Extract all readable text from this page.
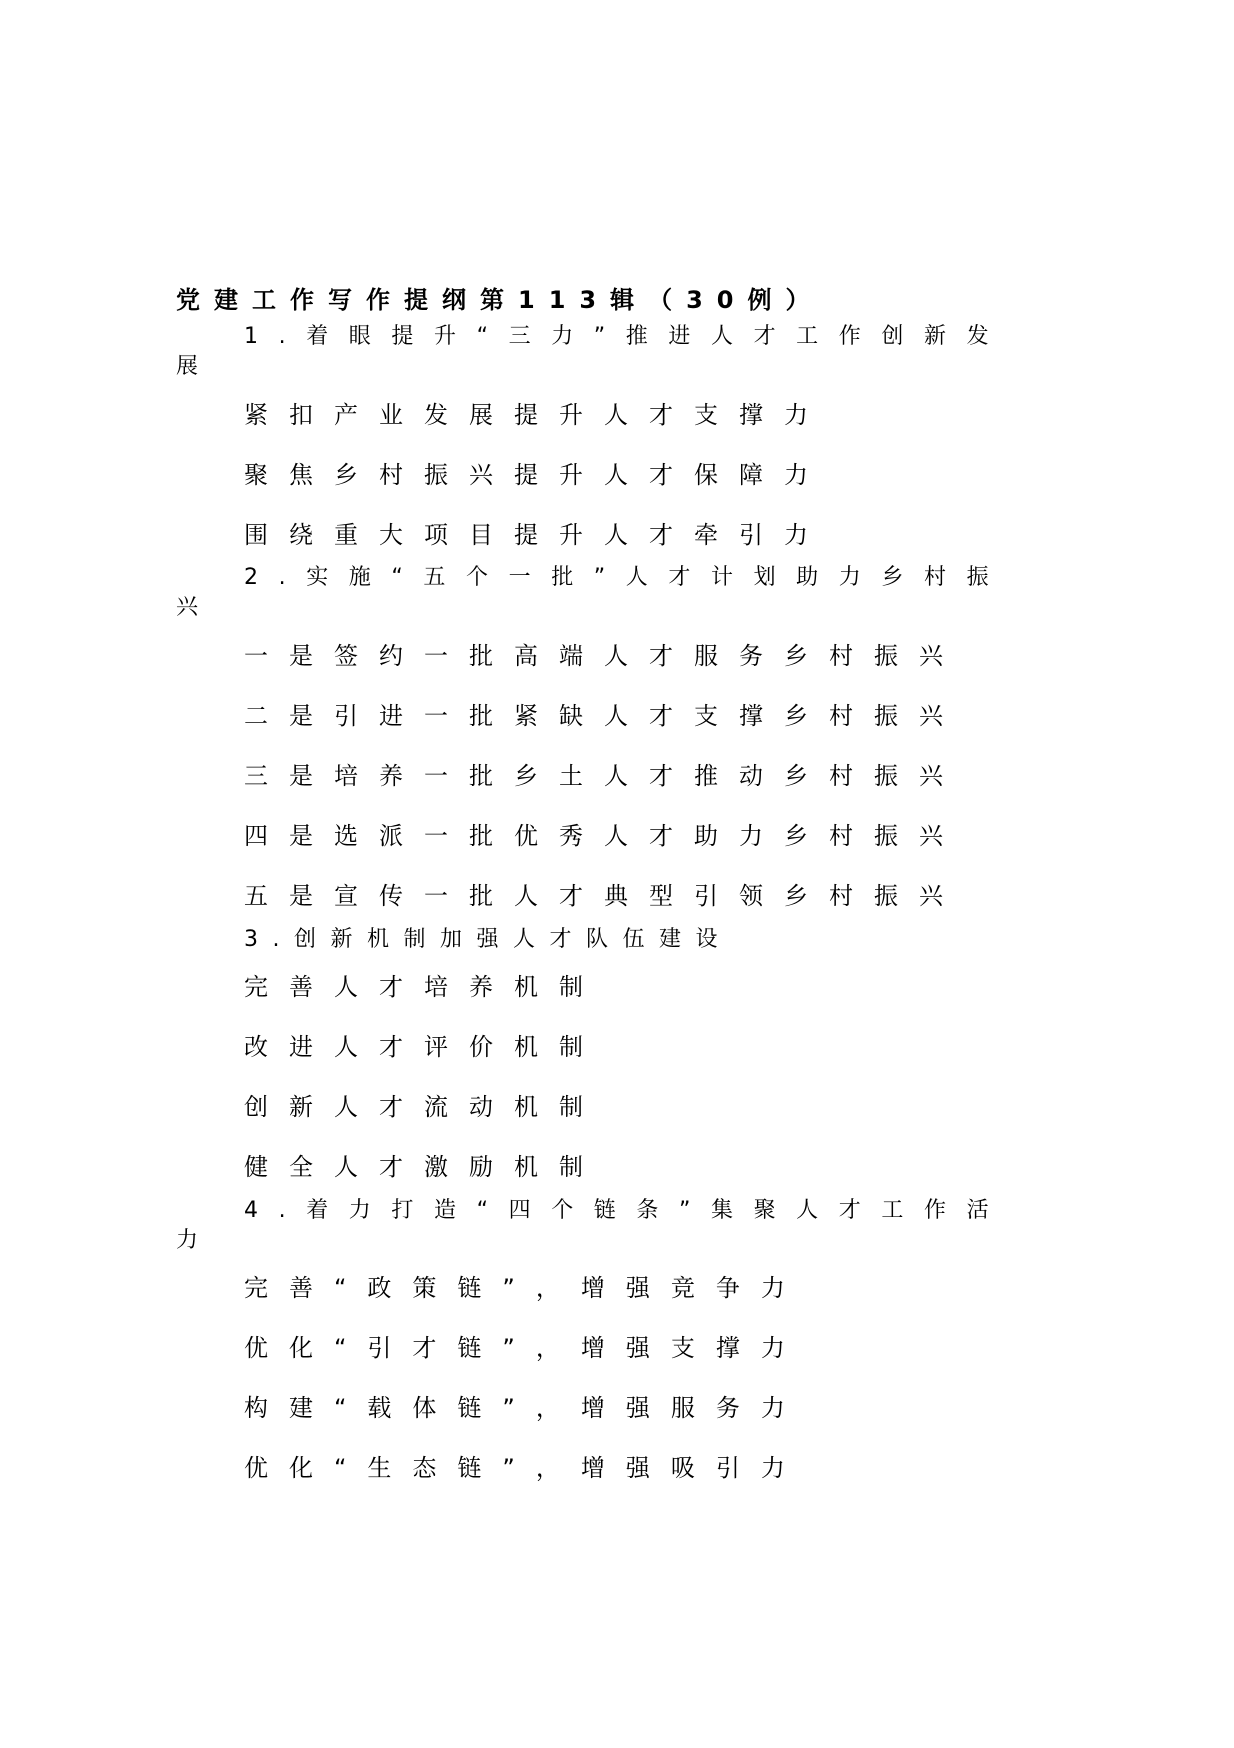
党建工作写作提纲第113辑（30例）
1.着眼提升“三力”推进人才工作创新发
展
紧扣产业发展提升人才支撑力
聚焦乡村振兴提升人才保障力
围绕重大项目提升人才牵引力
2.实施“五个一批”人才计划助力乡村振
兴
一是签约一批高端人才服务乡村振兴
二是引进一批紧缺人才支撑乡村振兴
三是培养一批乡土人才推动乡村振兴
四是选派一批优秀人才助力乡村振兴
五是宣传一批人才典型引领乡村振兴
3.创新机制加强人才队伍建设
完善人才培养机制
改进人才评价机制
创新人才流动机制
健全人才激励机制
4.着力打造“四个链条”集聚人才工作活
力
完善“政策链”，增强竞争力
优化“引才链”，增强支撑力
构建“载体链”，增强服务力
优化“生态链”，增强吸引力
